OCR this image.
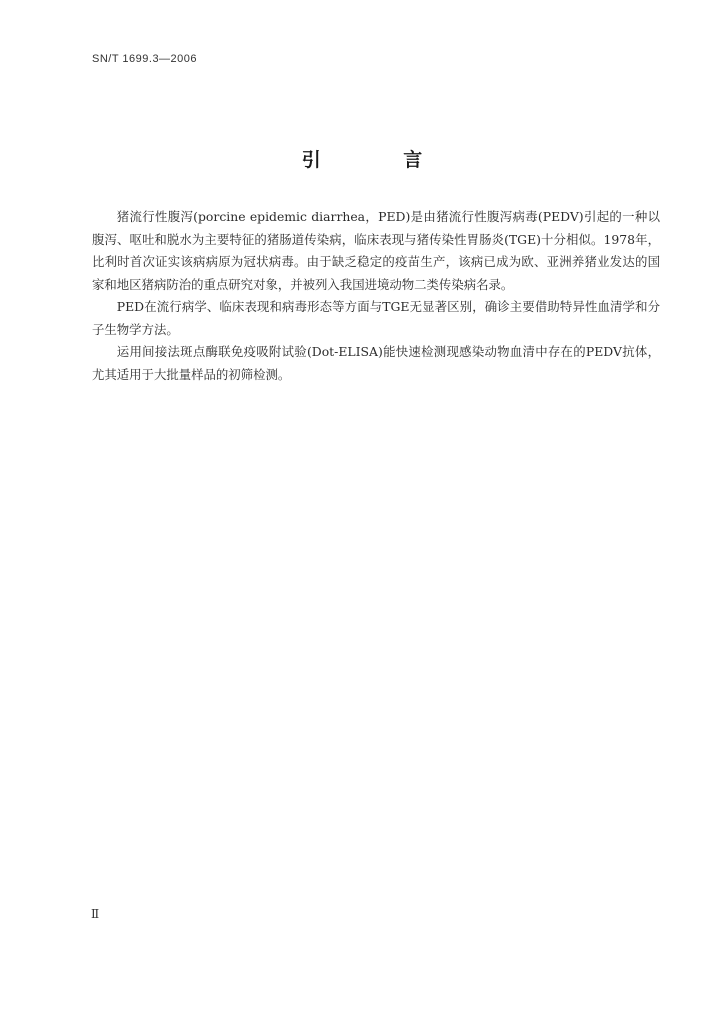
SN/T 1699.3—2006
引 言

猪流行性腹泻(porcine epidemic diarrhea，PED)是由猪流行性腹泻病毒(PEDV)引起的一种以腹泻、呕吐和脱水为主要特征的猪肠道传染病，临床表现与猪传染性胃肠炎(TGE)十分相似。1978年，比利时首次证实该病病原为冠状病毒。由于缺乏稳定的疫苗生产，该病已成为欧、亚洲养猪业发达的国家和地区猪病防治的重点研究对象，并被列入我国进境动物二类传染病名录。

PED在流行病学、临床表现和病毒形态等方面与TGE无显著区别，确诊主要借助特异性血清学和分子生物学方法。

运用间接法斑点酶联免疫吸附试验(Dot-ELISA)能快速检测现感染动物血清中存在的PEDV抗体，尤其适用于大批量样品的初筛检测。

Ⅱ
